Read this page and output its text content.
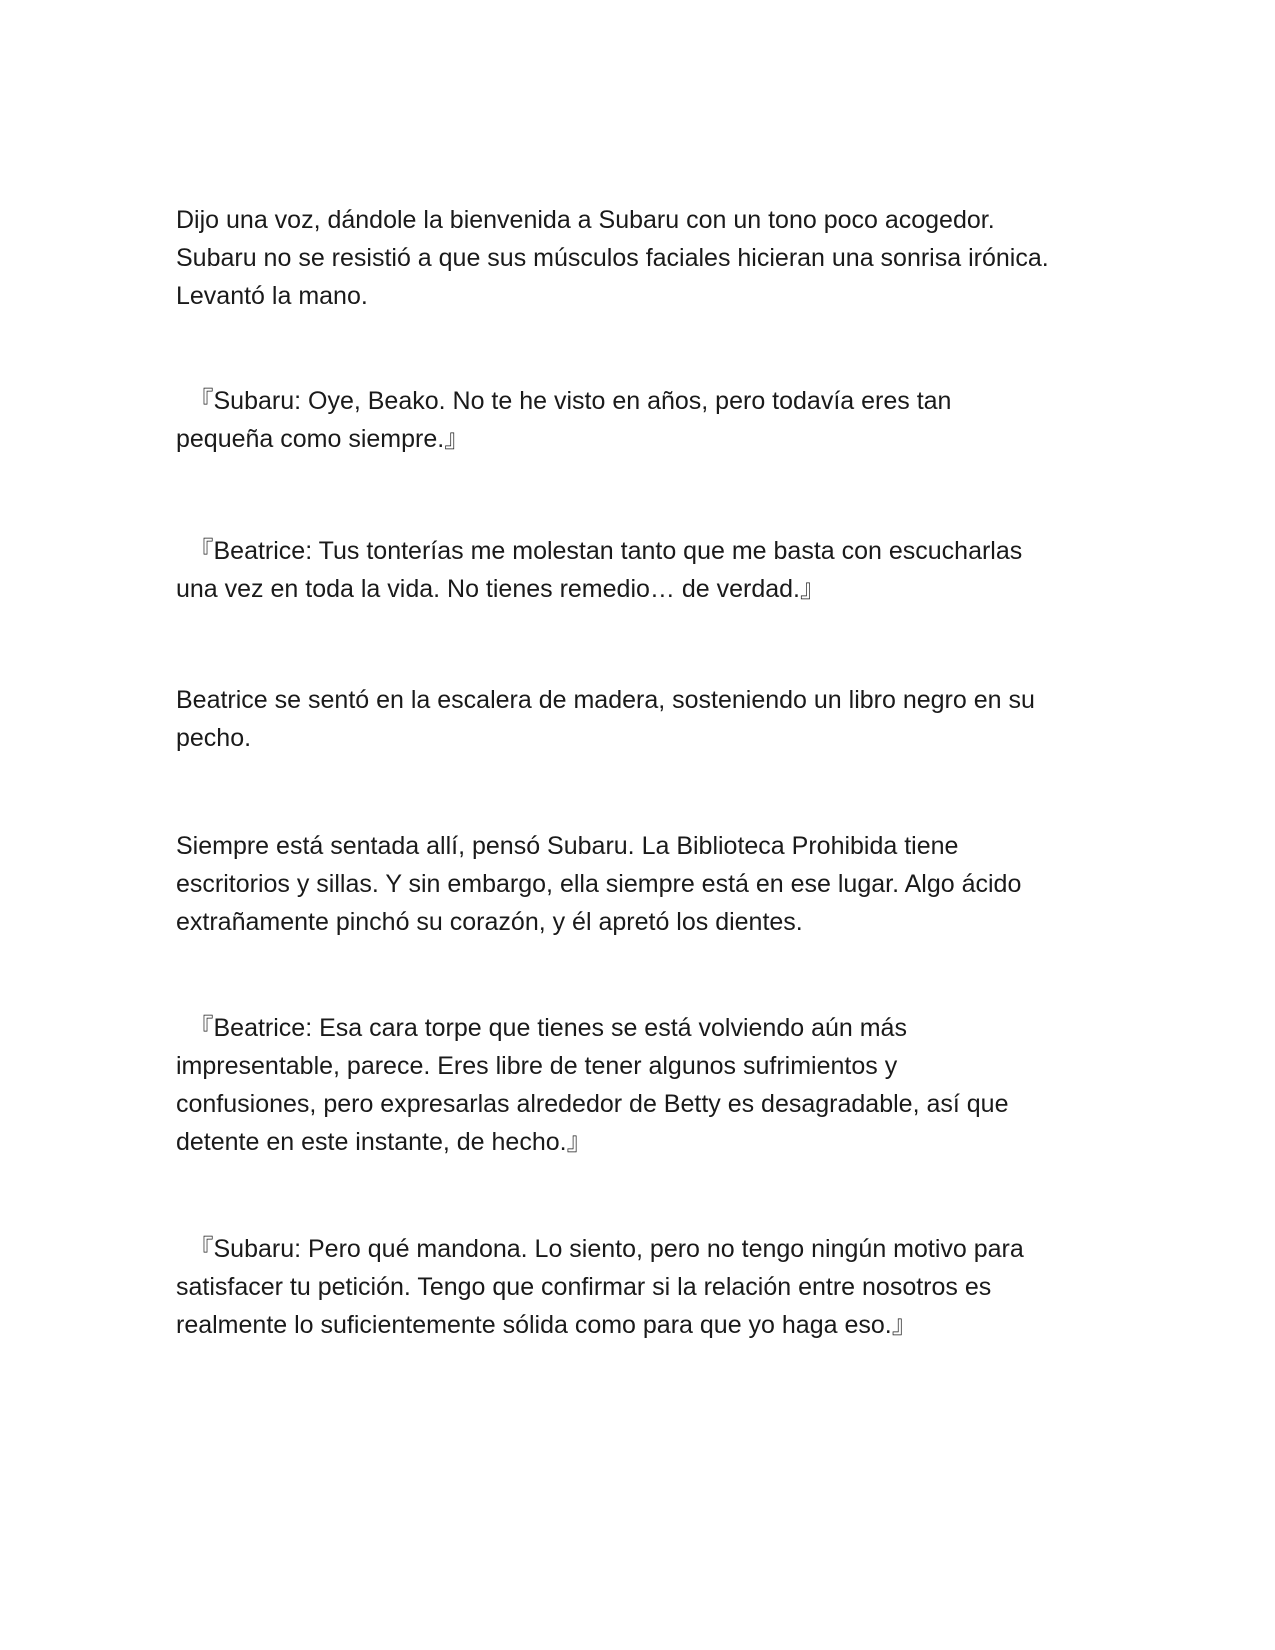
Dijo una voz, dándole la bienvenida a Subaru con un tono poco acogedor.
Subaru no se resistió a que sus músculos faciales hicieran una sonrisa irónica.
Levantó la mano.
　『Subaru: Oye, Beako. No te he visto en años, pero todavía eres tan
pequeña como siempre.』
　『Beatrice: Tus tonterías me molestan tanto que me basta con escucharlas
una vez en toda la vida. No tienes remedio… de verdad.』
Beatrice se sentó en la escalera de madera, sosteniendo un libro negro en su
pecho.
Siempre está sentada allí, pensó Subaru. La Biblioteca Prohibida tiene
escritorios y sillas. Y sin embargo, ella siempre está en ese lugar. Algo ácido
extrañamente pinchó su corazón, y él apretó los dientes.
　『Beatrice: Esa cara torpe que tienes se está volviendo aún más
impresentable, parece. Eres libre de tener algunos sufrimientos y
confusiones, pero expresarlas alrededor de Betty es desagradable, así que
detente en este instante, de hecho.』
　『Subaru: Pero qué mandona. Lo siento, pero no tengo ningún motivo para
satisfacer tu petición. Tengo que confirmar si la relación entre nosotros es
realmente lo suficientemente sólida como para que yo haga eso.』
